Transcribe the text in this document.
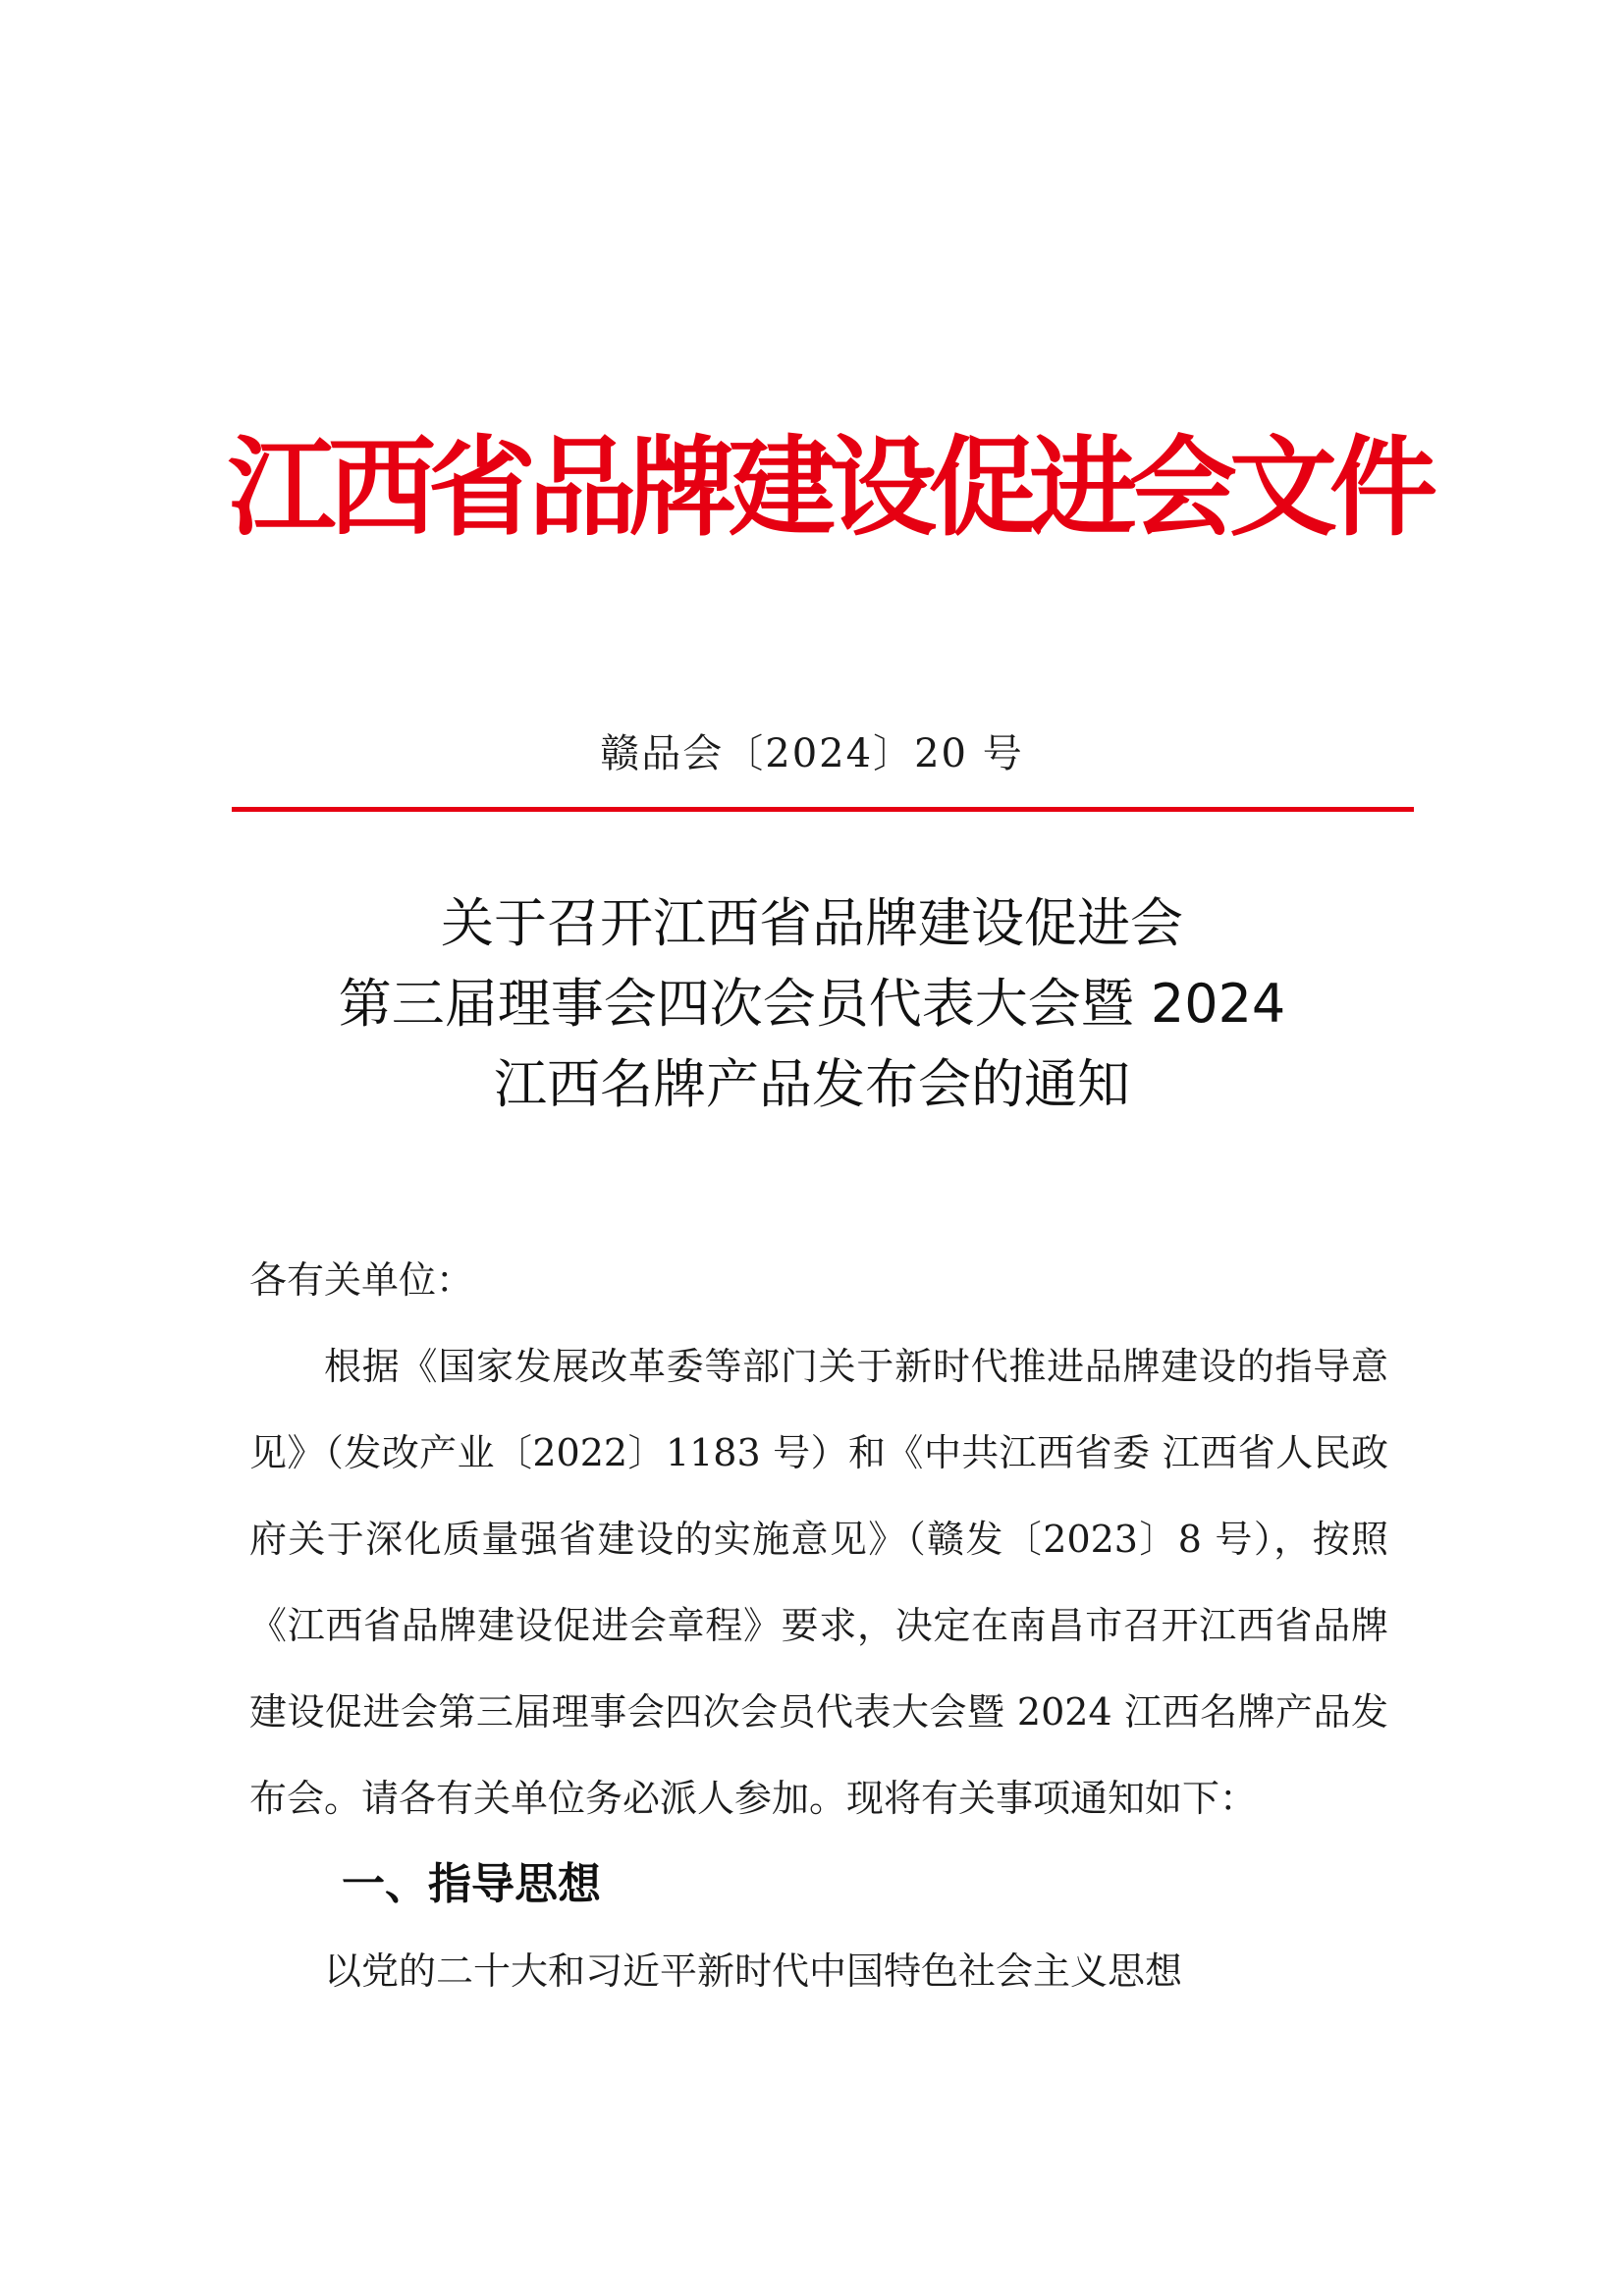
江西省品牌建设促进会文件
赣品会〔2024〕20 号
关于召开江西省品牌建设促进会
第三届理事会四次会员代表大会暨 2024
江西名牌产品发布会的通知
各有关单位：

根据《国家发展改革委等部门关于新时代推进品牌建设的指导意见》（发改产业〔2022〕1183 号）和《中共江西省委 江西省人民政府关于深化质量强省建设的实施意见》（赣发〔2023〕8 号），按照《江西省品牌建设促进会章程》要求，决定在南昌市召开江西省品牌建设促进会第三届理事会四次会员代表大会暨 2024 江西名牌产品发布会。请各有关单位务必派人参加。现将有关事项通知如下：

一、指导思想

以党的二十大和习近平新时代中国特色社会主义思想
